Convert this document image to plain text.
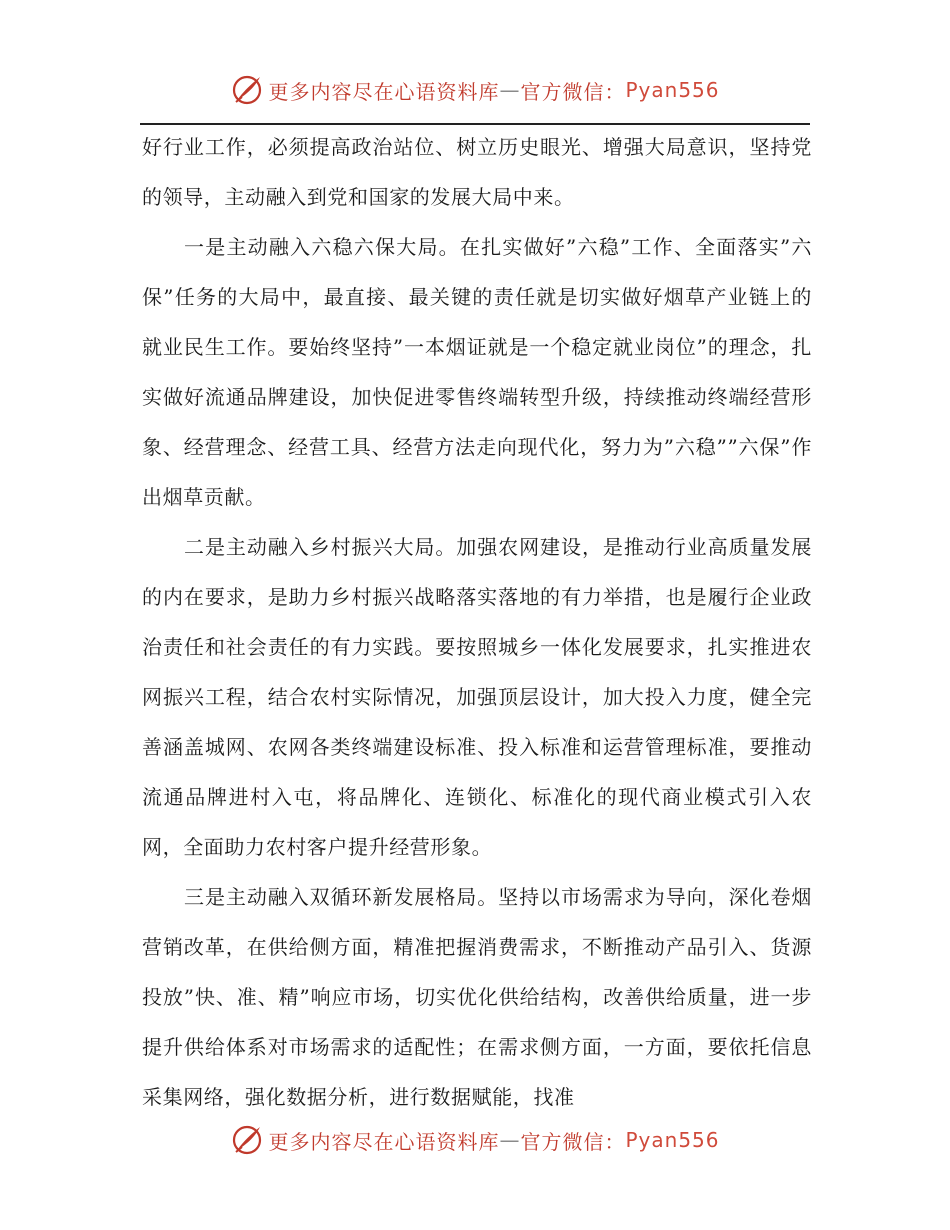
更多内容尽在心语资料库 — 官方微信： Pyan556

好行业工作，必须提高政治站位、树立历史眼光、增强大局意识，坚持党的领导，主动融入到党和国家的发展大局中来。

一是主动融入六稳六保大局。在扎实做好”六稳”工作、全面落实”六保”任务的大局中，最直接、最关键的责任就是切实做好烟草产业链上的就业民生工作。要始终坚持”一本烟证就是一个稳定就业岗位”的理念，扎实做好流通品牌建设，加快促进零售终端转型升级，持续推动终端经营形象、经营理念、经营工具、经营方法走向现代化，努力为”六稳””六保”作出烟草贡献。

二是主动融入乡村振兴大局。加强农网建设，是推动行业高质量发展的内在要求，是助力乡村振兴战略落实落地的有力举措，也是履行企业政治责任和社会责任的有力实践。要按照城乡一体化发展要求，扎实推进农网振兴工程，结合农村实际情况，加强顶层设计，加大投入力度，健全完善涵盖城网、农网各类终端建设标准、投入标准和运营管理标准，要推动流通品牌进村入屯，将品牌化、连锁化、标准化的现代商业模式引入农网，全面助力农村客户提升经营形象。

三是主动融入双循环新发展格局。坚持以市场需求为导向，深化卷烟营销改革，在供给侧方面，精准把握消费需求，不断推动产品引入、货源投放”快、准、精”响应市场，切实优化供给结构，改善供给质量，进一步提升供给体系对市场需求的适配性；在需求侧方面，一方面，要依托信息采集网络，强化数据分析，进行数据赋能，找准

更多内容尽在心语资料库 — 官方微信： Pyan556
